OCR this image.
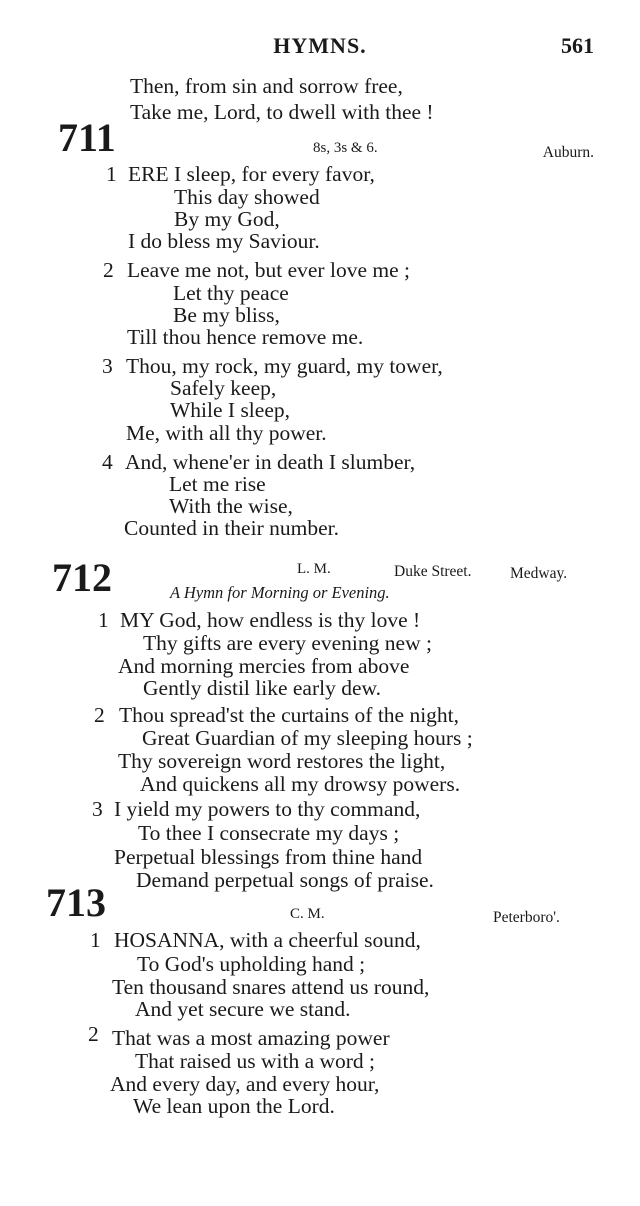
HYMNS.	561
Then, from sin and sorrow free,
Take me, Lord, to dwell with thee !
711	8s, 3s & 6.	Auburn.
1 ERE I sleep, for every favor,
This day showed
By my God,
I do bless my Saviour.
2 Leave me not, but ever love me ;
Let thy peace
Be my bliss,
Till thou hence remove me.
3 Thou, my rock, my guard, my tower,
Safely keep,
While I sleep,
Me, with all thy power.
4 And, whene'er in death I slumber,
Let me rise
With the wise,
Counted in their number.
712	L. M.	Duke Street. Medway.
A Hymn for Morning or Evening.
1 MY God, how endless is thy love !
Thy gifts are every evening new ;
And morning mercies from above
Gently distil like early dew.
2 Thou spread'st the curtains of the night,
Great Guardian of my sleeping hours ;
Thy sovereign word restores the light,
And quickens all my drowsy powers.
3 I yield my powers to thy command,
To thee I consecrate my days ;
Perpetual blessings from thine hand
Demand perpetual songs of praise.
713	C. M.	Peterboro'.
1 HOSANNA, with a cheerful sound,
To God's upholding hand ;
Ten thousand snares attend us round,
And yet secure we stand.
2 That was a most amazing power
That raised us with a word ;
And every day, and every hour,
We lean upon the Lord.
